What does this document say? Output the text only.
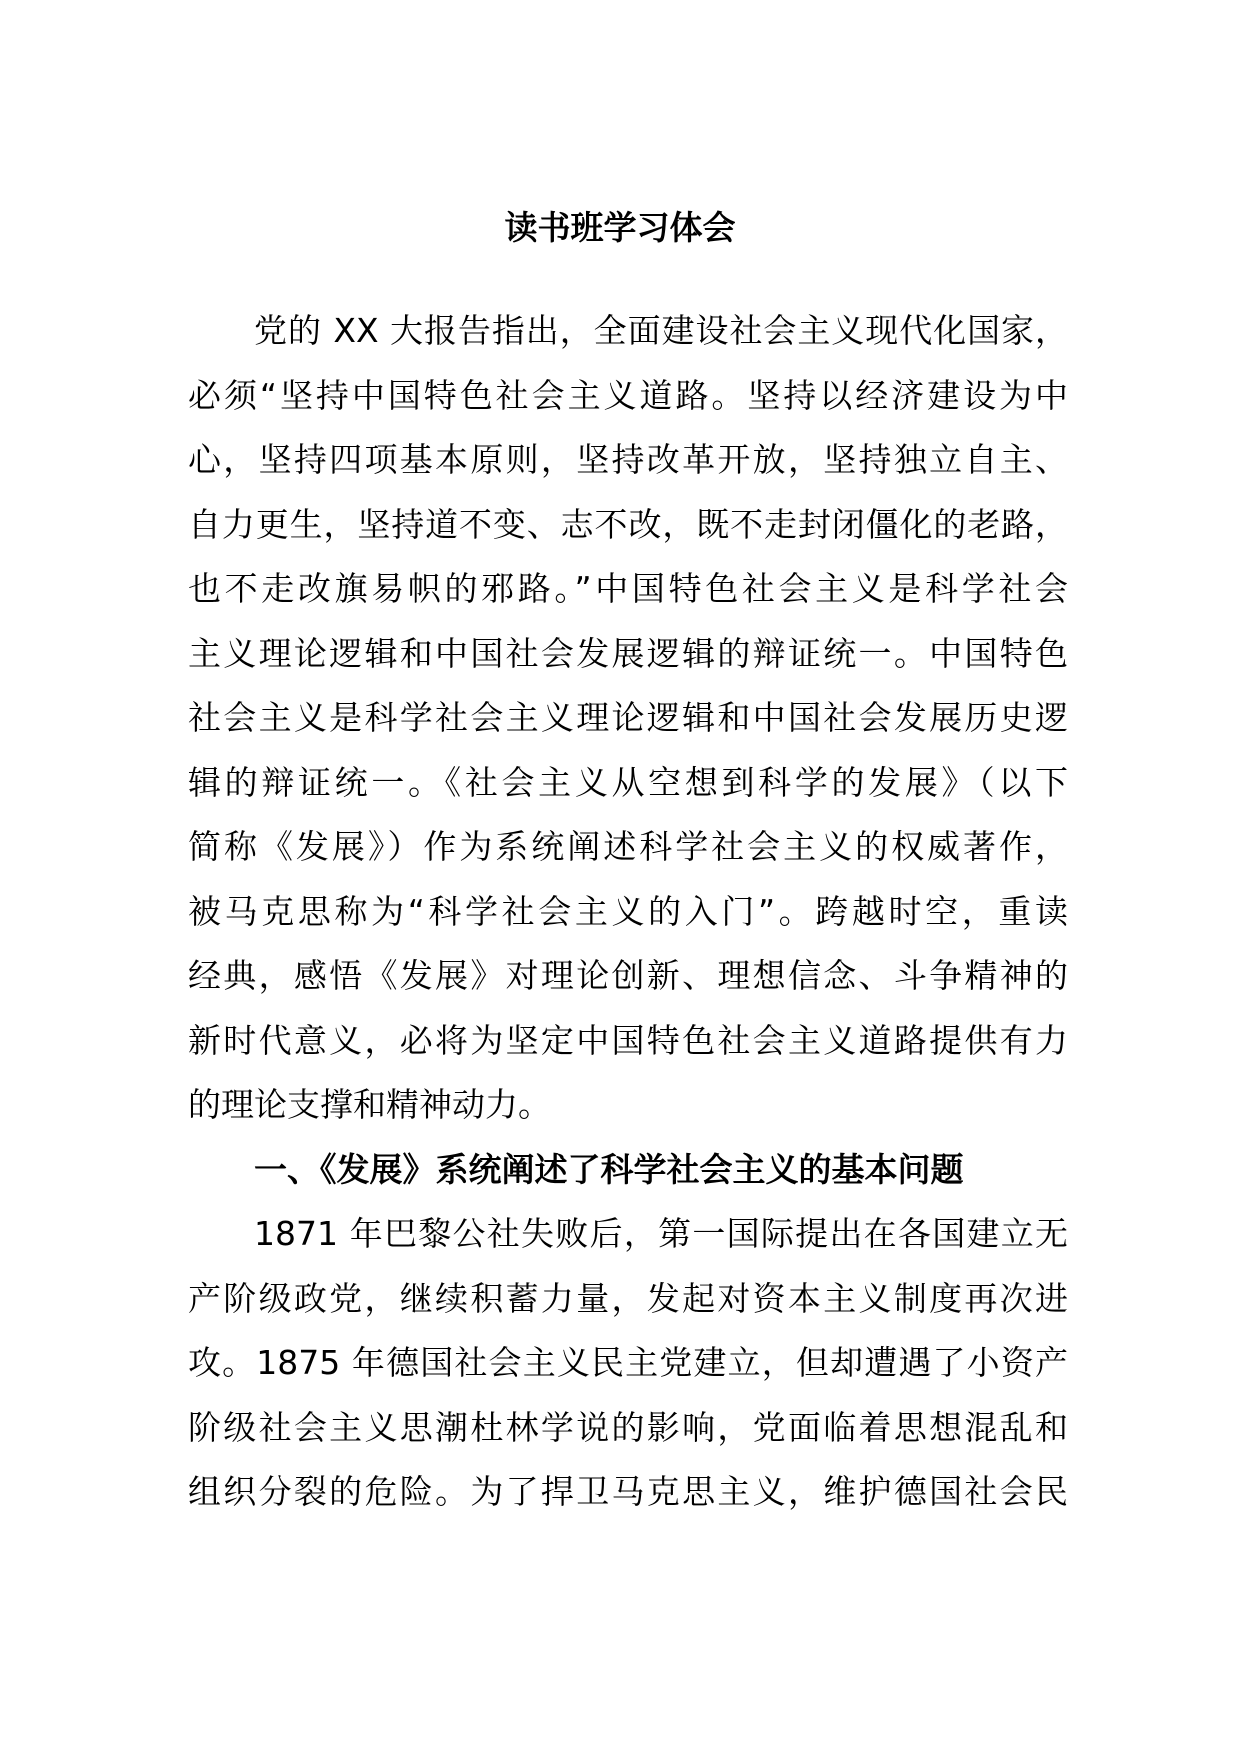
读书班学习体会
党的 XX 大报告指出，全面建设社会主义现代化国家，
必须“坚持中国特色社会主义道路。坚持以经济建设为中
心，坚持四项基本原则，坚持改革开放，坚持独立自主、
自力更生，坚持道不变、志不改，既不走封闭僵化的老路，
也不走改旗易帜的邪路。”中国特色社会主义是科学社会
主义理论逻辑和中国社会发展逻辑的辩证统一。中国特色
社会主义是科学社会主义理论逻辑和中国社会发展历史逻
辑的辩证统一。《社会主义从空想到科学的发展》（以下
简称《发展》）作为系统阐述科学社会主义的权威著作，
被马克思称为“科学社会主义的入门”。跨越时空，重读
经典，感悟《发展》对理论创新、理想信念、斗争精神的
新时代意义，必将为坚定中国特色社会主义道路提供有力
的理论支撑和精神动力。
一、《发展》系统阐述了科学社会主义的基本问题
1871 年巴黎公社失败后，第一国际提出在各国建立无
产阶级政党，继续积蓄力量，发起对资本主义制度再次进
攻。1875 年德国社会主义民主党建立，但却遭遇了小资产
阶级社会主义思潮杜林学说的影响，党面临着思想混乱和
组织分裂的危险。为了捍卫马克思主义，维护德国社会民
